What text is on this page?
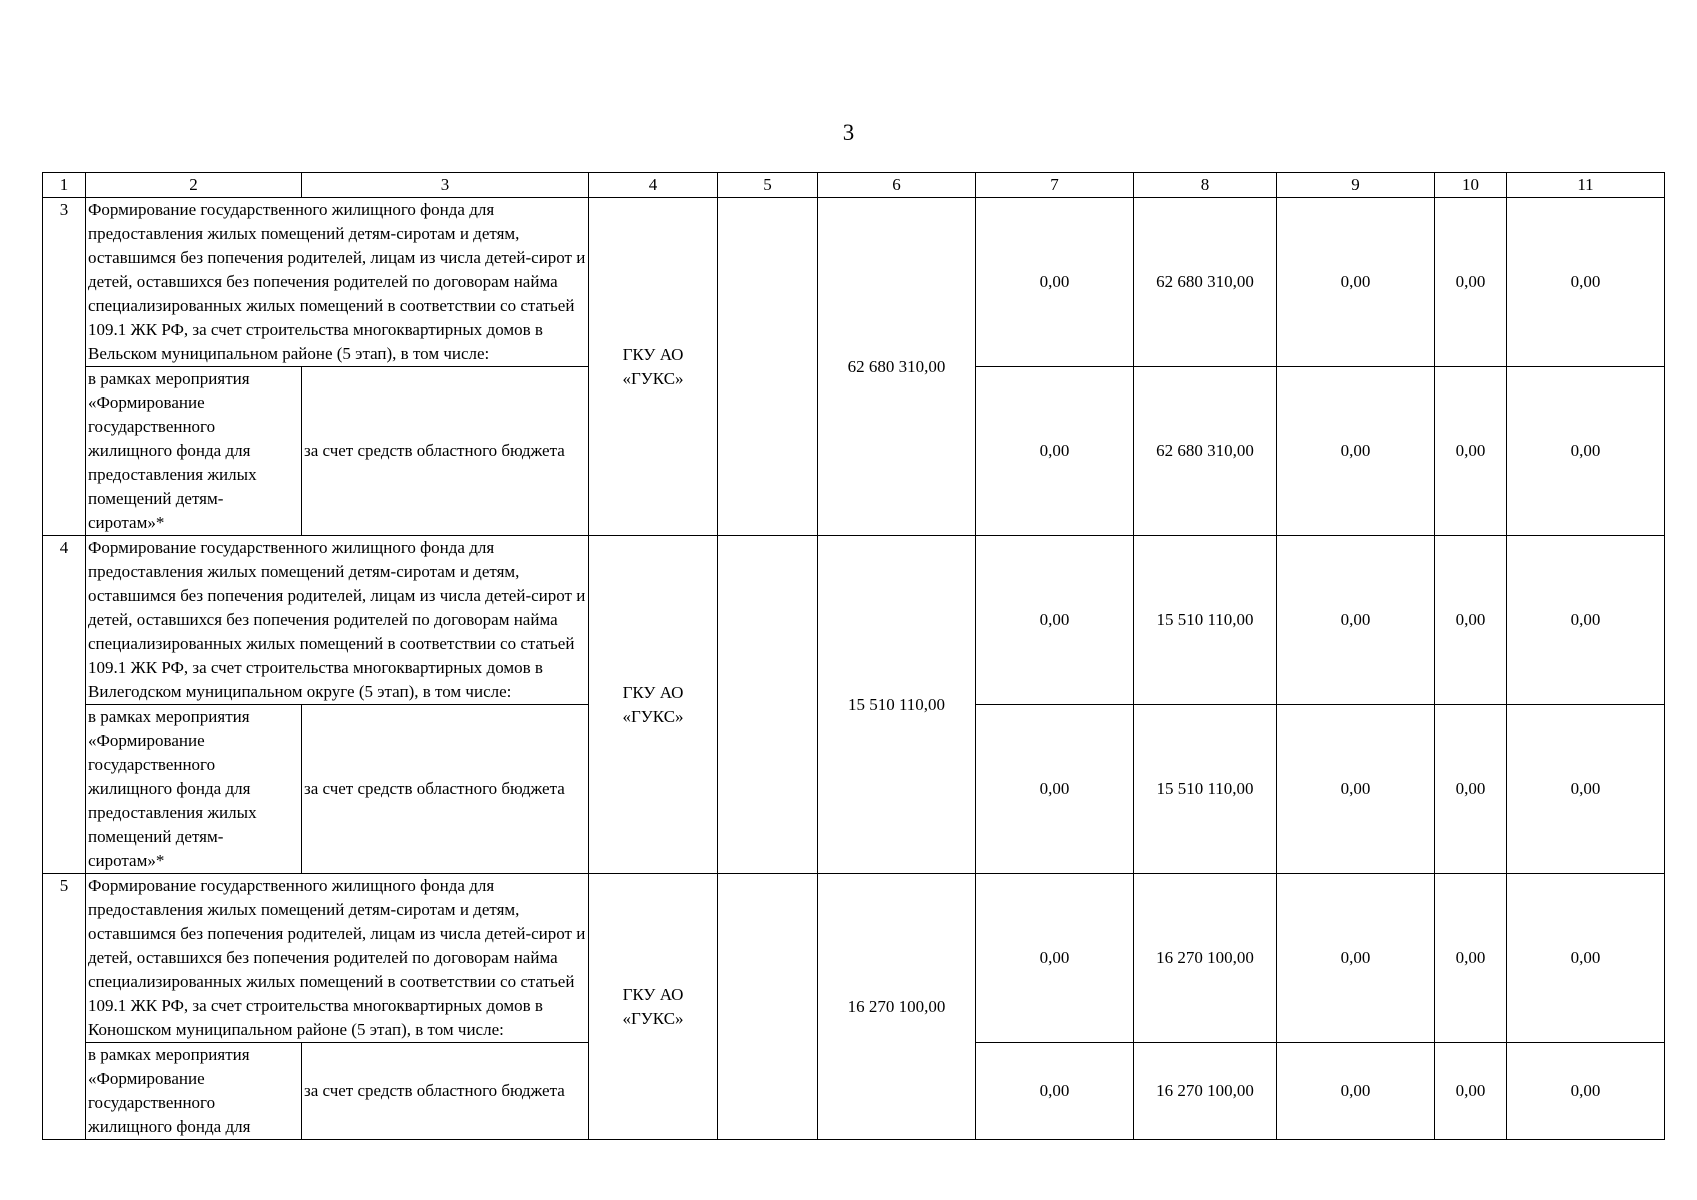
3
1	2	3	4	5	6	7	8	9	10	11
3	Формирование государственного жилищного фонда для предоставления жилых помещений детям-сиротам и детям, оставшимся без попечения родителей, лицам из числа детей-сирот и детей, оставшихся без попечения родителей по договорам найма специализированных жилых помещений в соответствии со статьей 109.1 ЖК РФ, за счет строительства многоквартирных домов в Вельском муниципальном районе (5 этап), в том числе:		ГКУ АО «ГУКС»		62 680 310,00	0,00	62 680 310,00	0,00	0,00	0,00
	в рамках мероприятия «Формирование государственного жилищного фонда для предоставления жилых помещений детям-сиротам»*	за счет средств областного бюджета				0,00	62 680 310,00	0,00	0,00	0,00
4	Формирование государственного жилищного фонда для предоставления жилых помещений детям-сиротам и детям, оставшимся без попечения родителей, лицам из числа детей-сирот и детей, оставшихся без попечения родителей по договорам найма специализированных жилых помещений в соответствии со статьей 109.1 ЖК РФ, за счет строительства многоквартирных домов в Вилегодском муниципальном округе (5 этап), в том числе:		ГКУ АО «ГУКС»		15 510 110,00	0,00	15 510 110,00	0,00	0,00	0,00
	в рамках мероприятия «Формирование государственного жилищного фонда для предоставления жилых помещений детям-сиротам»*	за счет средств областного бюджета				0,00	15 510 110,00	0,00	0,00	0,00
5	Формирование государственного жилищного фонда для предоставления жилых помещений детям-сиротам и детям, оставшимся без попечения родителей, лицам из числа детей-сирот и детей, оставшихся без попечения родителей по договорам найма специализированных жилых помещений в соответствии со статьей 109.1 ЖК РФ, за счет строительства многоквартирных домов в Коношском муниципальном районе (5 этап), в том числе:		ГКУ АО «ГУКС»		16 270 100,00	0,00	16 270 100,00	0,00	0,00	0,00
	в рамках мероприятия «Формирование государственного жилищного фонда для	за счет средств областного бюджета				0,00	16 270 100,00	0,00	0,00	0,00
